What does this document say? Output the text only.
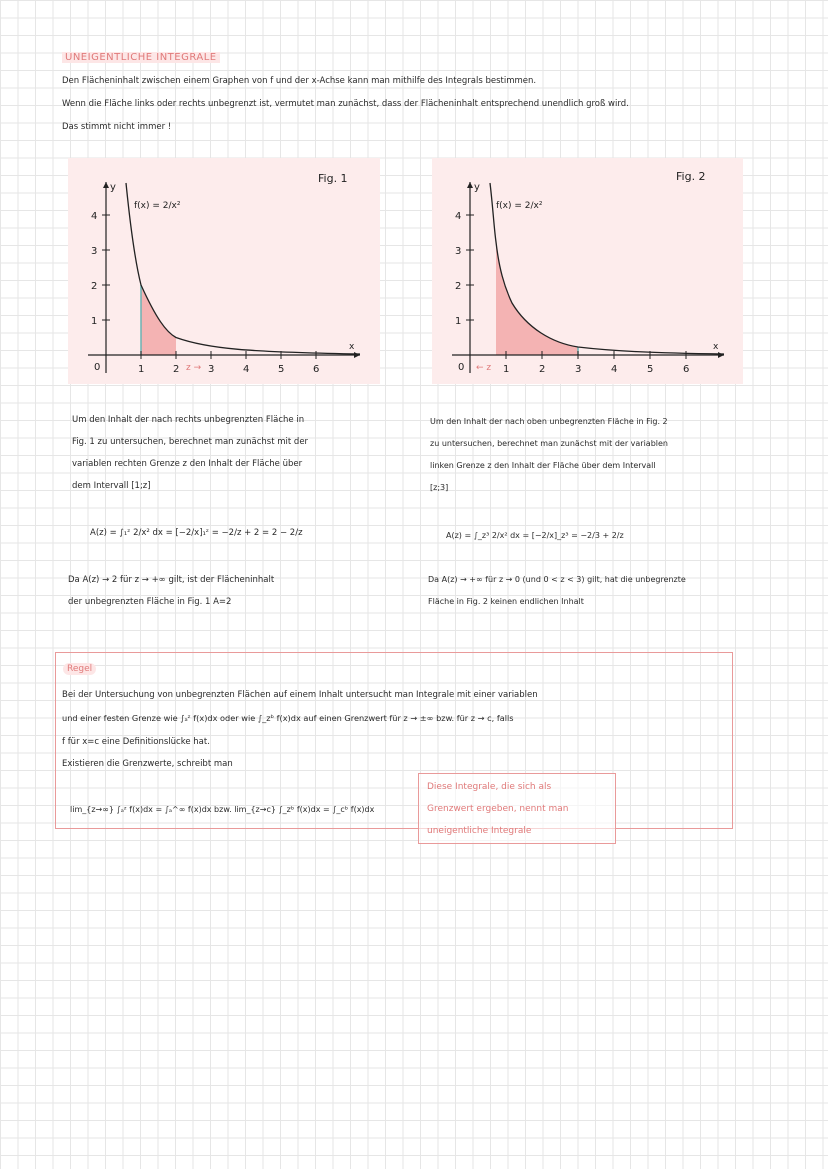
UNEIGENTLICHE INTEGRALE
Den Flächeninhalt zwischen einem Graphen von f und der x-Achse kann man mithilfe des Integrals bestimmen.
Wenn die Fläche links oder rechts unbegrenzt ist, vermutet man zunächst, dass der Flächeninhalt entsprechend unendlich groß wird.
Das stimmt nicht immer !
1	2	3	4	5	6
1
2
3
4
0
y
x
f(x) = 2/x²
Fig. 1
z →	1	2	3	4	5	6
1
2
3
4
0
y
x
f(x) = 2/x²
Fig. 2
← z
Um den Inhalt der nach rechts unbegrenzten Fläche in
Fig. 1 zu untersuchen, berechnet man zunächst mit der
variablen rechten Grenze z den Inhalt der Fläche über
dem Intervall [1;z]
A(z) = ∫₁ᶻ 2/x² dx = [−2/x]₁ᶻ = −2/z + 2 = 2 − 2/z
Da A(z) → 2 für z → +∞ gilt, ist der Flächeninhalt
der unbegrenzten Fläche in Fig. 1 A=2
Um den Inhalt der nach oben unbegrenzten Fläche in Fig. 2
zu untersuchen, berechnet man zunächst mit der variablen
linken Grenze z den Inhalt der Fläche über dem Intervall
[z;3]
A(z) = ∫_z³ 2/x² dx = [−2/x]_z³ = −2/3 + 2/z
Da A(z) → +∞ für z → 0 (und 0 < z < 3) gilt, hat die unbegrenzte
Fläche in Fig. 2 keinen endlichen Inhalt
Regel
Bei der Untersuchung von unbegrenzten Flächen auf einem Inhalt untersucht man Integrale mit einer variablen
und einer festen Grenze wie ∫ₐᶻ f(x)dx oder wie ∫_zᵇ f(x)dx auf einen Grenzwert für z → ±∞ bzw. für z → c, falls
f für x=c eine Definitionslücke hat.
Existieren die Grenzwerte, schreibt man
lim_{z→∞} ∫ₐᶻ f(x)dx = ∫ₐ^∞ f(x)dx bzw. lim_{z→c} ∫_zᵇ f(x)dx = ∫_cᵇ f(x)dx
Diese Integrale, die sich als
Grenzwert ergeben, nennt man
uneigentliche Integrale
